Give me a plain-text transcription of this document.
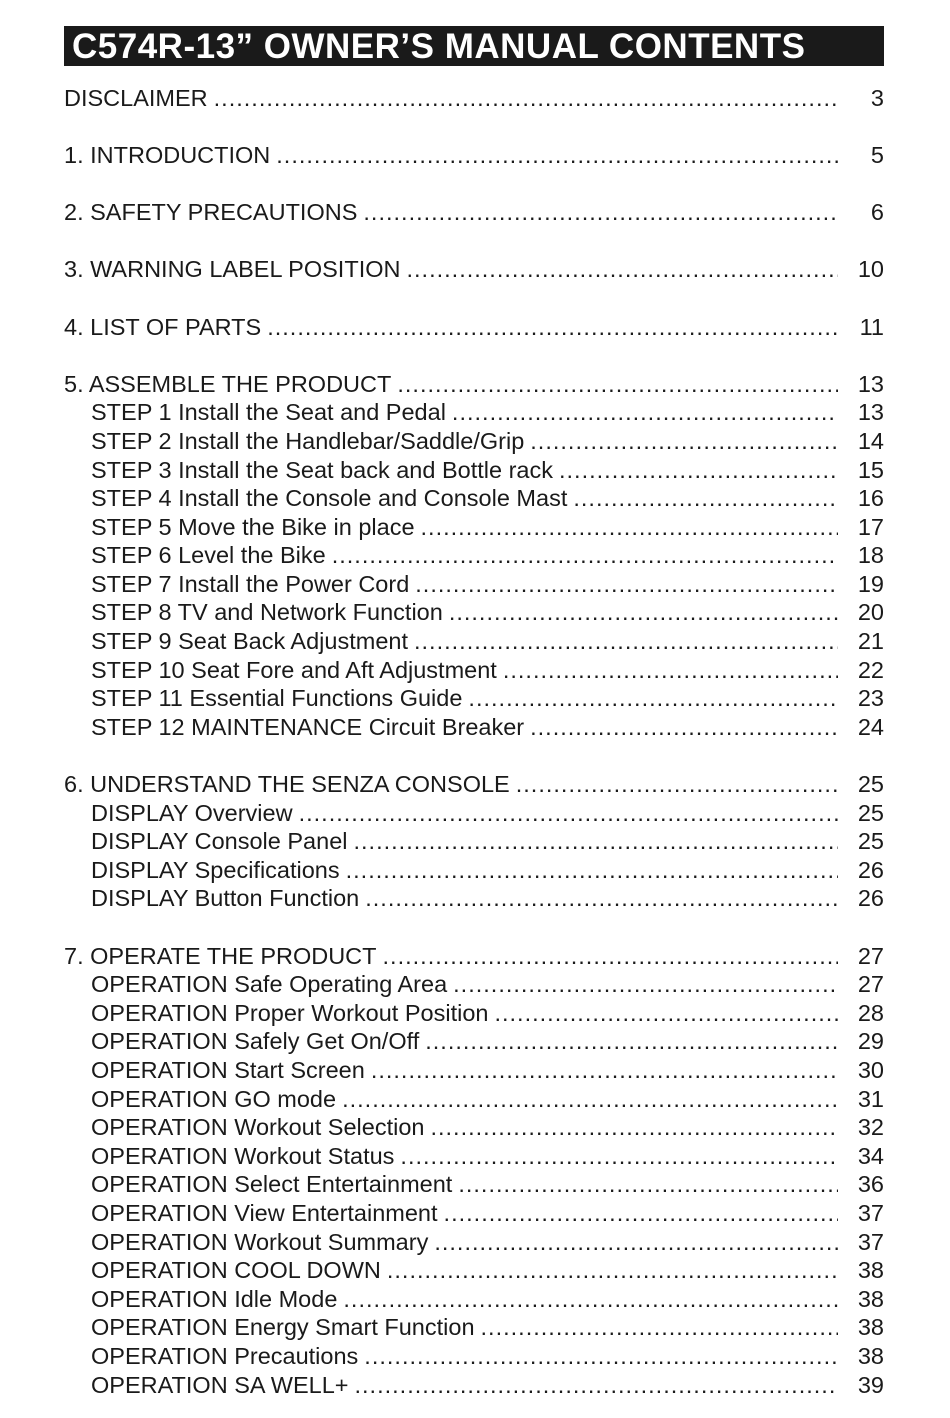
C574R-13” OWNER’S MANUAL CONTENTS
DISCLAIMER .....	3
1. INTRODUCTION .....	5
2. SAFETY PRECAUTIONS .....	6
3. WARNING LABEL POSITION .....	10
4. LIST OF PARTS .....	11
5. ASSEMBLE THE PRODUCT .....	13
STEP 1 Install the Seat and Pedal .....	13
STEP 2 Install the Handlebar/Saddle/Grip .....	14
STEP 3 Install the Seat back and Bottle rack .....	15
STEP 4 Install the Console and Console Mast .....	16
STEP 5 Move the Bike in place .....	17
STEP 6 Level the Bike .....	18
STEP 7 Install the Power Cord .....	19
STEP 8 TV and Network Function .....	20
STEP 9 Seat Back Adjustment .....	21
STEP 10 Seat Fore and Aft Adjustment .....	22
STEP 11 Essential Functions Guide .....	23
STEP 12 MAINTENANCE Circuit Breaker .....	24
6. UNDERSTAND THE SENZA CONSOLE .....	25
DISPLAY Overview .....	25
DISPLAY Console Panel .....	25
DISPLAY Specifications .....	26
DISPLAY Button Function .....	26
7. OPERATE THE PRODUCT .....	27
OPERATION Safe Operating Area .....	27
OPERATION Proper Workout Position .....	28
OPERATION Safely Get On/Off .....	29
OPERATION Start Screen .....	30
OPERATION GO mode .....	31
OPERATION Workout Selection .....	32
OPERATION Workout Status .....	34
OPERATION Select Entertainment .....	36
OPERATION View Entertainment .....	37
OPERATION Workout Summary .....	37
OPERATION COOL DOWN .....	38
OPERATION Idle Mode .....	38
OPERATION Energy Smart Function .....	38
OPERATION Precautions .....	38
OPERATION SA WELL+ .....	39
